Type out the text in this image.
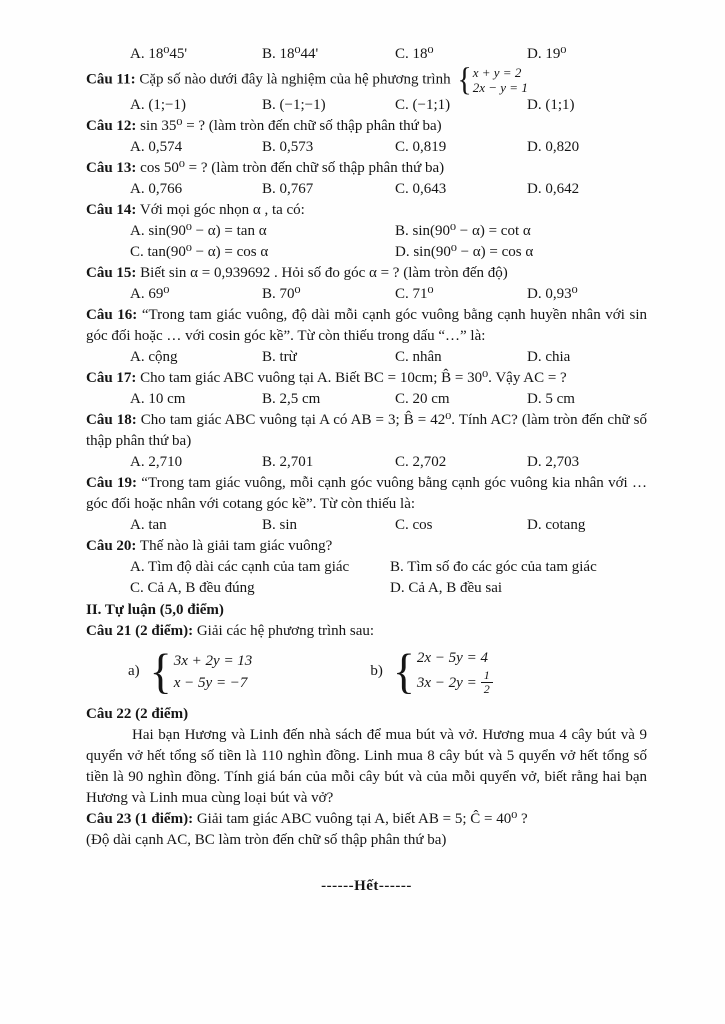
A. 18⁰45'	B. 18⁰44'	C. 18⁰	D. 19⁰

Câu 11: Cặp số nào dưới đây là nghiệm của hệ phương trình { x + y = 2
2x − y = 1

A. (1;−1)	B. (−1;−1)	C. (−1;1)	D. (1;1)

Câu 12: sin 35⁰ = ? (làm tròn đến chữ số thập phân thứ ba)

A. 0,574	B. 0,573	C. 0,819	D. 0,820

Câu 13: cos 50⁰ = ? (làm tròn đến chữ số thập phân thứ ba)

A. 0,766	B. 0,767	C. 0,643	D. 0,642

Câu 14: Với mọi góc nhọn α , ta có:

A. sin(90⁰ − α) = tan α	B. sin(90⁰ − α) = cot α
C. tan(90⁰ − α) = cos α	D. sin(90⁰ − α) = cos α

Câu 15: Biết sin α = 0,939692 . Hỏi số đo góc α = ? (làm tròn đến độ)

A. 69⁰	B. 70⁰	C. 71⁰	D. 0,93⁰

Câu 16: “Trong tam giác vuông, độ dài mỗi cạnh góc vuông bằng cạnh huyền nhân với sin góc đối hoặc … với cosin góc kề”. Từ còn thiếu trong dấu “…” là:

A. cộng	B. trừ	C. nhân	D. chia

Câu 17: Cho tam giác ABC vuông tại A. Biết BC = 10cm; B̂ = 30⁰. Vậy AC = ?

A. 10 cm	B. 2,5 cm	C. 20 cm	D. 5 cm

Câu 18: Cho tam giác ABC vuông tại A có AB = 3; B̂ = 42⁰. Tính AC? (làm tròn đến chữ số thập phân thứ ba)

A. 2,710	B. 2,701	C. 2,702	D. 2,703

Câu 19: “Trong tam giác vuông, mỗi cạnh góc vuông bằng cạnh góc vuông kia nhân với … góc đối hoặc nhân với cotang góc kề”. Từ còn thiếu là:

A. tan	B. sin	C. cos	D. cotang

Câu 20: Thế nào là giải tam giác vuông?

A. Tìm độ dài các cạnh của tam giác	B. Tìm số đo các góc của tam giác
C. Cả A, B đều đúng	D. Cả A, B đều sai

II. Tự luận (5,0 điểm)

Câu 21 (2 điểm): Giải các hệ phương trình sau:

a)
{
3x + 2y = 13
x − 5y = −7
b)
{
2x − 5y = 4
$3x - 2y = \frac{1}{2}$

Câu 22 (2 điểm)

Hai bạn Hương và Linh đến nhà sách để mua bút và vở. Hương mua 4 cây bút và 9 quyển vở hết tổng số tiền là 110 nghìn đồng. Linh mua 8 cây bút và 5 quyển vở hết tổng số tiền là 90 nghìn đồng. Tính giá bán của mỗi cây bút và của mỗi quyển vở, biết rằng hai bạn Hương và Linh mua cùng loại bút và vở?

Câu 23 (1 điểm): Giải tam giác ABC vuông tại A, biết AB = 5; Ĉ = 40⁰ ?

(Độ dài cạnh AC, BC làm tròn đến chữ số thập phân thứ ba)

------Hết------
